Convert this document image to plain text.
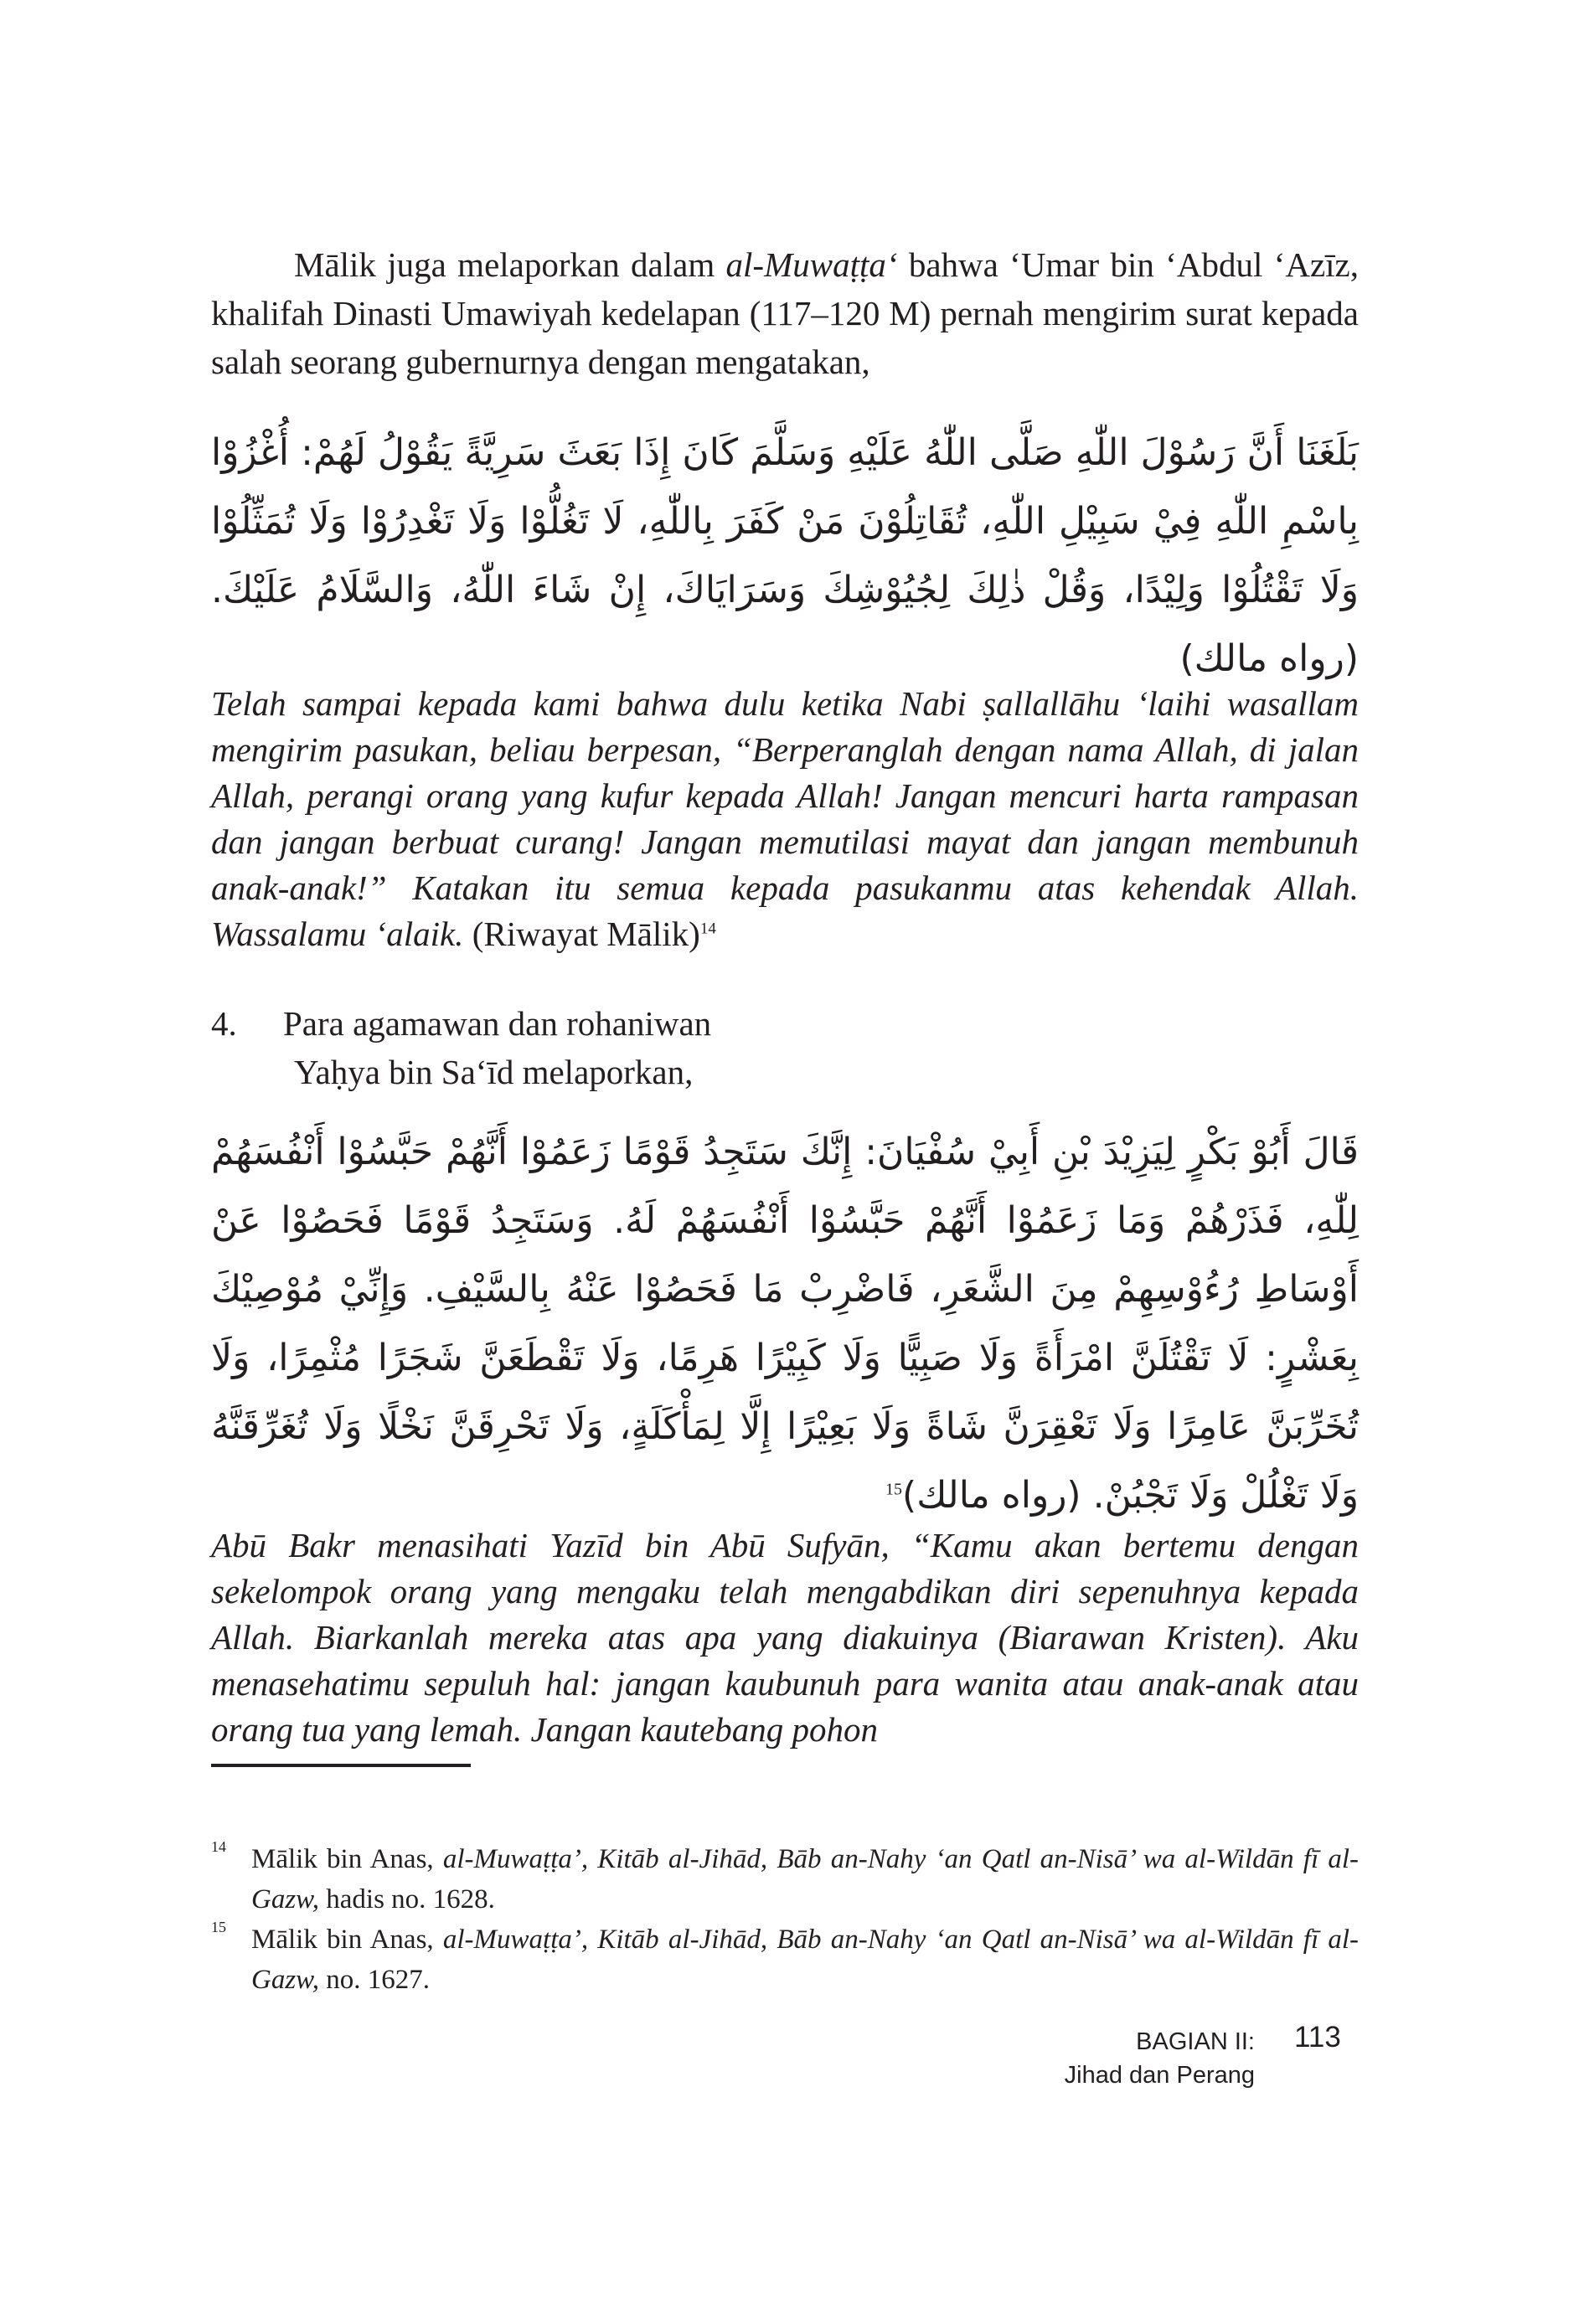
Mālik juga melaporkan dalam al-Muwaṭṭa‘ bahwa ‘Umar bin ‘Abdul ‘Azīz, khalifah Dinasti Umawiyah kedelapan (117–120 M) pernah mengirim surat kepada salah seorang gubernurnya dengan mengatakan,

بَلَغَنَا أَنَّ رَسُوْلَ اللّٰهِ صَلَّى اللّٰهُ عَلَيْهِ وَسَلَّمَ كَانَ إِذَا بَعَثَ سَرِيَّةً يَقُوْلُ لَهُمْ: أُغْزُوْا بِاسْمِ اللّٰهِ فِيْ سَبِيْلِ اللّٰهِ، تُقَاتِلُوْنَ مَنْ كَفَرَ بِاللّٰهِ، لَا تَغُلُّوْا وَلَا تَغْدِرُوْا وَلَا تُمَثِّلُوْا وَلَا تَقْتُلُوْا وَلِيْدًا، وَقُلْ ذٰلِكَ لِجُيُوْشِكَ وَسَرَايَاكَ، إِنْ شَاءَ اللّٰهُ، وَالسَّلَامُ عَلَيْكَ. (رواه مالك)

Telah sampai kepada kami bahwa dulu ketika Nabi ṣallallāhu ‘laihi wasallam mengirim pasukan, beliau berpesan, “Berperanglah dengan nama Allah, di jalan Allah, perangi orang yang kufur kepada Allah! Jangan mencuri harta rampasan dan jangan berbuat curang! Jangan memutilasi mayat dan jangan membunuh anak-anak!” Katakan itu semua kepada pasukanmu atas kehendak Allah. Wassalamu ‘alaik. (Riwayat Mālik)$^{14}$

4. Para agamawan dan rohaniwan

Yaḥya bin Sa‘īd melaporkan,

قَالَ أَبُوْ بَكْرٍ لِيَزِيْدَ بْنِ أَبِيْ سُفْيَانَ: إِنَّكَ سَتَجِدُ قَوْمًا زَعَمُوْا أَنَّهُمْ حَبَّسُوْا أَنْفُسَهُمْ لِلّٰهِ، فَذَرْهُمْ وَمَا زَعَمُوْا أَنَّهُمْ حَبَّسُوْا أَنْفُسَهُمْ لَهُ. وَسَتَجِدُ قَوْمًا فَحَصُوْا عَنْ أَوْسَاطِ رُءُوْسِهِمْ مِنَ الشَّعَرِ، فَاضْرِبْ مَا فَحَصُوْا عَنْهُ بِالسَّيْفِ. وَإِنِّيْ مُوْصِيْكَ بِعَشْرٍ: لَا تَقْتُلَنَّ امْرَأَةً وَلَا صَبِيًّا وَلَا كَبِيْرًا هَرِمًا، وَلَا تَقْطَعَنَّ شَجَرًا مُثْمِرًا، وَلَا تُخَرِّبَنَّ عَامِرًا وَلَا تَعْقِرَنَّ شَاةً وَلَا بَعِيْرًا إِلَّا لِمَأْكَلَةٍ، وَلَا تَحْرِقَنَّ نَخْلًا وَلَا تُغَرِّقَنَّهُ وَلَا تَغْلُلْ وَلَا تَجْبُنْ. (رواه مالك)$^{15}$

Abū Bakr menasihati Yazīd bin Abū Sufyān, “Kamu akan bertemu dengan sekelompok orang yang mengaku telah mengabdikan diri sepenuhnya kepada Allah. Biarkanlah mereka atas apa yang diakuinya (Biarawan Kristen). Aku menasehatimu sepuluh hal: jangan kaubunuh para wanita atau anak-anak atau orang tua yang lemah. Jangan kautebang pohon

14 Mālik bin Anas, al-Muwaṭṭa’, Kitāb al-Jihād, Bāb an-Nahy ‘an Qatl an-Nisā’ wa al-Wildān fī al-Gazw, hadis no. 1628.
15 Mālik bin Anas, al-Muwaṭṭa’, Kitāb al-Jihād, Bāb an-Nahy ‘an Qatl an-Nisā’ wa al-Wildān fī al-Gazw, no. 1627.
BAGIAN II:
Jihad dan Perang
113
